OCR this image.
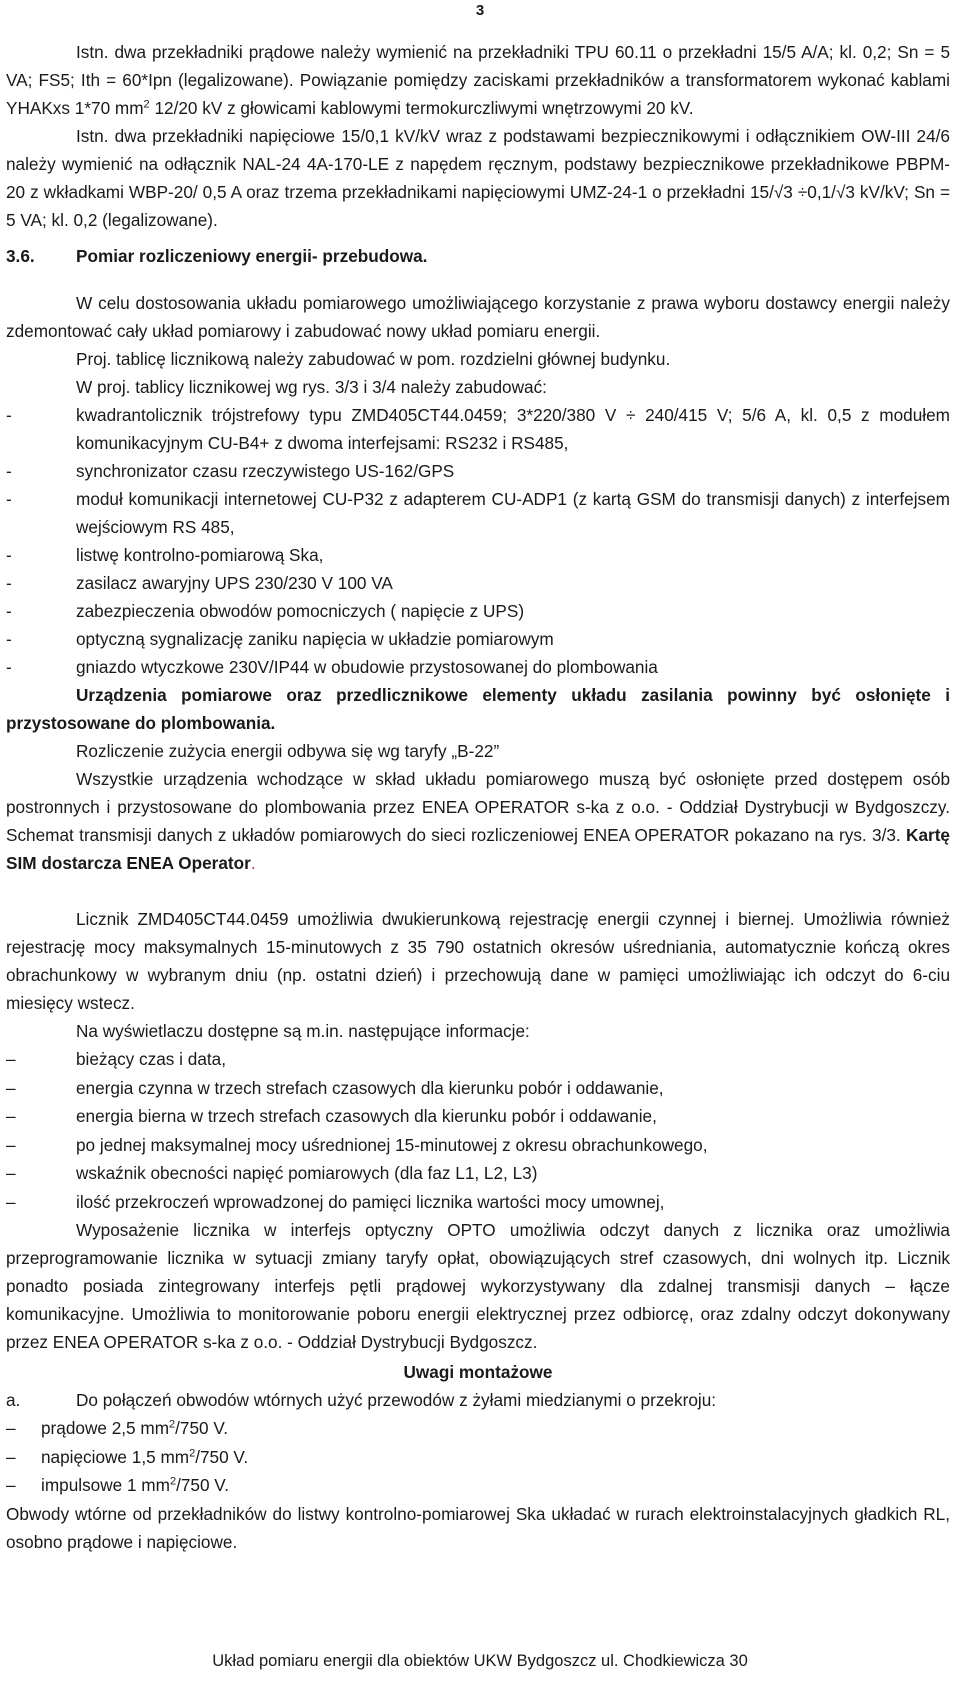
3

Istn. dwa przekładniki prądowe należy wymienić na przekładniki TPU 60.11 o przekładni 15/5 A/A; kl. 0,2; Sn = 5 VA; FS5; Ith = 60*Ipn (legalizowane). Powiązanie pomiędzy zaciskami przekładników a transformatorem wykonać kablami YHAKxs 1*70 $mm^2$ 12/20 kV z głowicami kablowymi termokurczliwymi wnętrzowymi 20 kV.

Istn. dwa przekładniki napięciowe 15/0,1 kV/kV wraz z podstawami bezpiecznikowymi i odłącznikiem OW-III 24/6 należy wymienić na odłącznik NAL-24 4A-170-LE z napędem ręcznym, podstawy bezpiecznikowe przekładnikowe PBPM-20 z wkładkami WBP-20/ 0,5 A oraz trzema przekładnikami napięciowymi UMZ-24-1 o przekładni 15/√3 ÷0,1/√3 kV/kV; Sn = 5 VA; kl. 0,2 (legalizowane).

3.6. Pomiar rozliczeniowy energii- przebudowa.

W celu dostosowania układu pomiarowego umożliwiającego korzystanie z prawa wyboru dostawcy energii należy zdemontować cały układ pomiarowy i zabudować nowy układ pomiaru energii.

Proj. tablicę licznikową należy zabudować w pom. rozdzielni głównej budynku.

W proj. tablicy licznikowej wg rys. 3/3 i 3/4 należy zabudować:

-	kwadrantolicznik trójstrefowy typu ZMD405CT44.0459; 3*220/380 V ÷ 240/415 V; 5/6 A, kl. 0,5 z modułem komunikacyjnym CU-B4+ z dwoma interfejsami: RS232 i RS485,
-	synchronizator czasu rzeczywistego US-162/GPS
-	moduł komunikacji internetowej CU-P32 z adapterem CU-ADP1 (z kartą GSM do transmisji danych) z interfejsem wejściowym RS 485,
-	listwę kontrolno-pomiarową Ska,
-	zasilacz awaryjny UPS 230/230 V 100 VA
-	zabezpieczenia obwodów pomocniczych ( napięcie z UPS)
-	optyczną sygnalizację zaniku napięcia w układzie pomiarowym
-	gniazdo wtyczkowe 230V/IP44 w obudowie przystosowanej do plombowania

Urządzenia pomiarowe oraz przedlicznikowe elementy układu zasilania powinny być osłonięte i przystosowane do plombowania.

Rozliczenie zużycia energii odbywa się wg taryfy „B-22”

Wszystkie urządzenia wchodzące w skład układu pomiarowego muszą być osłonięte przed dostępem osób postronnych i przystosowane do plombowania przez ENEA OPERATOR s-ka z o.o. - Oddział Dystrybucji w Bydgoszczy. Schemat transmisji danych z układów pomiarowych do sieci rozliczeniowej ENEA OPERATOR pokazano na rys. 3/3. Kartę SIM dostarcza ENEA Operator.

Licznik ZMD405CT44.0459 umożliwia dwukierunkową rejestrację energii czynnej i biernej. Umożliwia również rejestrację mocy maksymalnych 15-minutowych z 35 790 ostatnich okresów uśredniania, automatycznie kończą okres obrachunkowy w wybranym dniu (np. ostatni dzień) i przechowują dane w pamięci umożliwiając ich odczyt do 6-ciu miesięcy wstecz.

Na wyświetlaczu dostępne są m.in. następujące informacje:

–	bieżący czas i data,
–	energia czynna w trzech strefach czasowych dla kierunku pobór i oddawanie,
–	energia bierna w trzech strefach czasowych dla kierunku pobór i oddawanie,
–	po jednej maksymalnej mocy uśrednionej 15-minutowej z okresu obrachunkowego,
–	wskaźnik obecności napięć pomiarowych (dla faz L1, L2, L3)
–	ilość przekroczeń wprowadzonej do pamięci licznika wartości mocy umownej,

Wyposażenie licznika w interfejs optyczny OPTO umożliwia odczyt danych z licznika oraz umożliwia przeprogramowanie licznika w sytuacji zmiany taryfy opłat, obowiązujących stref czasowych, dni wolnych itp. Licznik ponadto posiada zintegrowany interfejs pętli prądowej wykorzystywany dla zdalnej transmisji danych – łącze komunikacyjne. Umożliwia to monitorowanie poboru energii elektrycznej przez odbiorcę, oraz zdalny odczyt dokonywany przez ENEA OPERATOR s-ka z o.o. - Oddział Dystrybucji Bydgoszcz.

Uwagi montażowe
a.	Do połączeń obwodów wtórnych użyć przewodów z żyłami miedzianymi o przekroju:
–	prądowe 2,5 $mm^2/750$ V.
–	napięciowe 1,5 $mm^2/750$ V.
–	impulsowe 1 $mm^2/750$ V.

Obwody wtórne od przekładników do listwy kontrolno-pomiarowej Ska układać w rurach elektroinstalacyjnych gładkich RL, osobno prądowe i napięciowe.

Układ pomiaru energii dla obiektów UKW Bydgoszcz ul. Chodkiewicza 30
